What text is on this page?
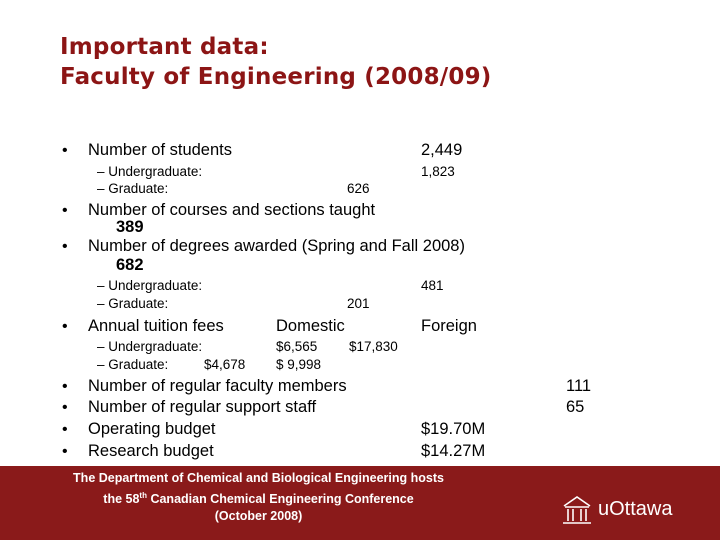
Important data:
Faculty of Engineering (2008/09)
• Number of students	2,449
– Undergraduate:	1,823
– Graduate:	626
• Number of courses and sections taught
389
• Number of degrees awarded (Spring and Fall 2008)
682
– Undergraduate:	481
– Graduate:	201
• Annual tuition fees	Domestic	Foreign
– Undergraduate:	$6,565 $17,830
– Graduate:	$4,678 $ 9,998
• Number of regular faculty members	111
• Number of regular support staff	65
• Operating budget	$19.70M
• Research budget	$14.27M
The Department of Chemical and Biological Engineering hosts
the 58th Canadian Chemical Engineering Conference
(October 2008)	uOttawa
